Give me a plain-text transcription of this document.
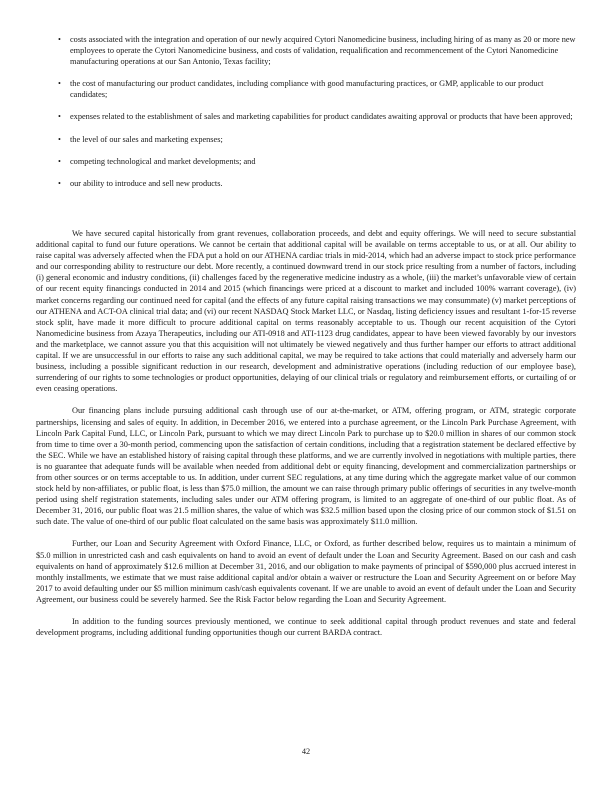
• costs associated with the integration and operation of our newly acquired Cytori Nanomedicine business, including hiring of as many as 20 or more new employees to operate the Cytori Nanomedicine business, and costs of validation, requalification and recommencement of the Cytori Nanomedicine manufacturing operations at our San Antonio, Texas facility;
• the cost of manufacturing our product candidates, including compliance with good manufacturing practices, or GMP, applicable to our product candidates;
• expenses related to the establishment of sales and marketing capabilities for product candidates awaiting approval or products that have been approved;
• the level of our sales and marketing expenses;
• competing technological and market developments; and
• our ability to introduce and sell new products.

We have secured capital historically from grant revenues, collaboration proceeds, and debt and equity offerings. We will need to secure substantial additional capital to fund our future operations. We cannot be certain that additional capital will be available on terms acceptable to us, or at all. Our ability to raise capital was adversely affected when the FDA put a hold on our ATHENA cardiac trials in mid-2014, which had an adverse impact to stock price performance and our corresponding ability to restructure our debt. More recently, a continued downward trend in our stock price resulting from a number of factors, including (i) general economic and industry conditions, (ii) challenges faced by the regenerative medicine industry as a whole, (iii) the market’s unfavorable view of certain of our recent equity financings conducted in 2014 and 2015 (which financings were priced at a discount to market and included 100% warrant coverage), (iv) market concerns regarding our continued need for capital (and the effects of any future capital raising transactions we may consummate) (v) market perceptions of our ATHENA and ACT-OA clinical trial data; and (vi) our recent NASDAQ Stock Market LLC, or Nasdaq, listing deficiency issues and resultant 1-for-15 reverse stock split, have made it more difficult to procure additional capital on terms reasonably acceptable to us. Though our recent acquisition of the Cytori Nanomedicine business from Azaya Therapeutics, including our ATI-0918 and ATI-1123 drug candidates, appear to have been viewed favorably by our investors and the marketplace, we cannot assure you that this acquisition will not ultimately be viewed negatively and thus further hamper our efforts to attract additional capital. If we are unsuccessful in our efforts to raise any such additional capital, we may be required to take actions that could materially and adversely harm our business, including a possible significant reduction in our research, development and administrative operations (including reduction of our employee base), surrendering of our rights to some technologies or product opportunities, delaying of our clinical trials or regulatory and reimbursement efforts, or curtailing of or even ceasing operations.

Our financing plans include pursuing additional cash through use of our at-the-market, or ATM, offering program, or ATM, strategic corporate partnerships, licensing and sales of equity. In addition, in December 2016, we entered into a purchase agreement, or the Lincoln Park Purchase Agreement, with Lincoln Park Capital Fund, LLC, or Lincoln Park, pursuant to which we may direct Lincoln Park to purchase up to $20.0 million in shares of our common stock from time to time over a 30-month period, commencing upon the satisfaction of certain conditions, including that a registration statement be declared effective by the SEC. While we have an established history of raising capital through these platforms, and we are currently involved in negotiations with multiple parties, there is no guarantee that adequate funds will be available when needed from additional debt or equity financing, development and commercialization partnerships or from other sources or on terms acceptable to us. In addition, under current SEC regulations, at any time during which the aggregate market value of our common stock held by non-affiliates, or public float, is less than $75.0 million, the amount we can raise through primary public offerings of securities in any twelve-month period using shelf registration statements, including sales under our ATM offering program, is limited to an aggregate of one-third of our public float. As of December 31, 2016, our public float was 21.5 million shares, the value of which was $32.5 million based upon the closing price of our common stock of $1.51 on such date. The value of one-third of our public float calculated on the same basis was approximately $11.0 million.

Further, our Loan and Security Agreement with Oxford Finance, LLC, or Oxford, as further described below, requires us to maintain a minimum of $5.0 million in unrestricted cash and cash equivalents on hand to avoid an event of default under the Loan and Security Agreement. Based on our cash and cash equivalents on hand of approximately $12.6 million at December 31, 2016, and our obligation to make payments of principal of $590,000 plus accrued interest in monthly installments, we estimate that we must raise additional capital and/or obtain a waiver or restructure the Loan and Security Agreement on or before May 2017 to avoid defaulting under our $5 million minimum cash/cash equivalents covenant. If we are unable to avoid an event of default under the Loan and Security Agreement, our business could be severely harmed. See the Risk Factor below regarding the Loan and Security Agreement.

In addition to the funding sources previously mentioned, we continue to seek additional capital through product revenues and state and federal development programs, including additional funding opportunities though our current BARDA contract.

42
